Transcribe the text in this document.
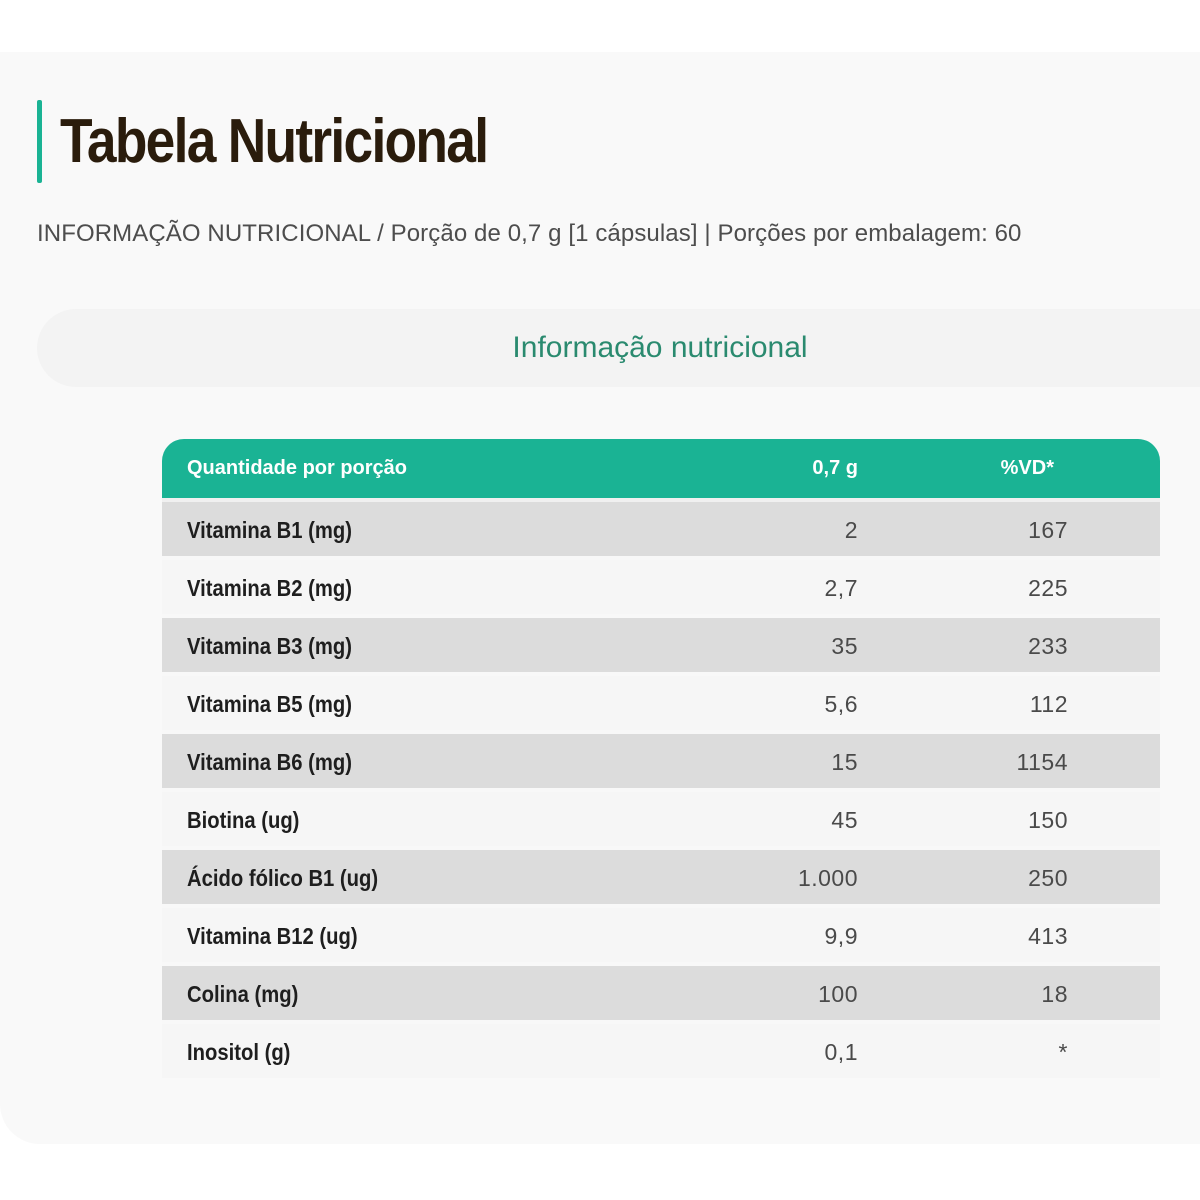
Tabela Nutricional
INFORMAÇÃO NUTRICIONAL / Porção de 0,7 g [1 cápsulas] | Porções por embalagem: 60
Informação nutricional
Quantidade por porção	0,7 g	%VD*
Vitamina B1 (mg)	2	167
Vitamina B2 (mg)	2,7	225
Vitamina B3 (mg)	35	233
Vitamina B5 (mg)	5,6	112
Vitamina B6 (mg)	15	1154
Biotina (ug)	45	150
Ácido fólico B1 (ug)	1.000	250
Vitamina B12 (ug)	9,9	413
Colina (mg)	100	18
Inositol (g)	0,1	*
